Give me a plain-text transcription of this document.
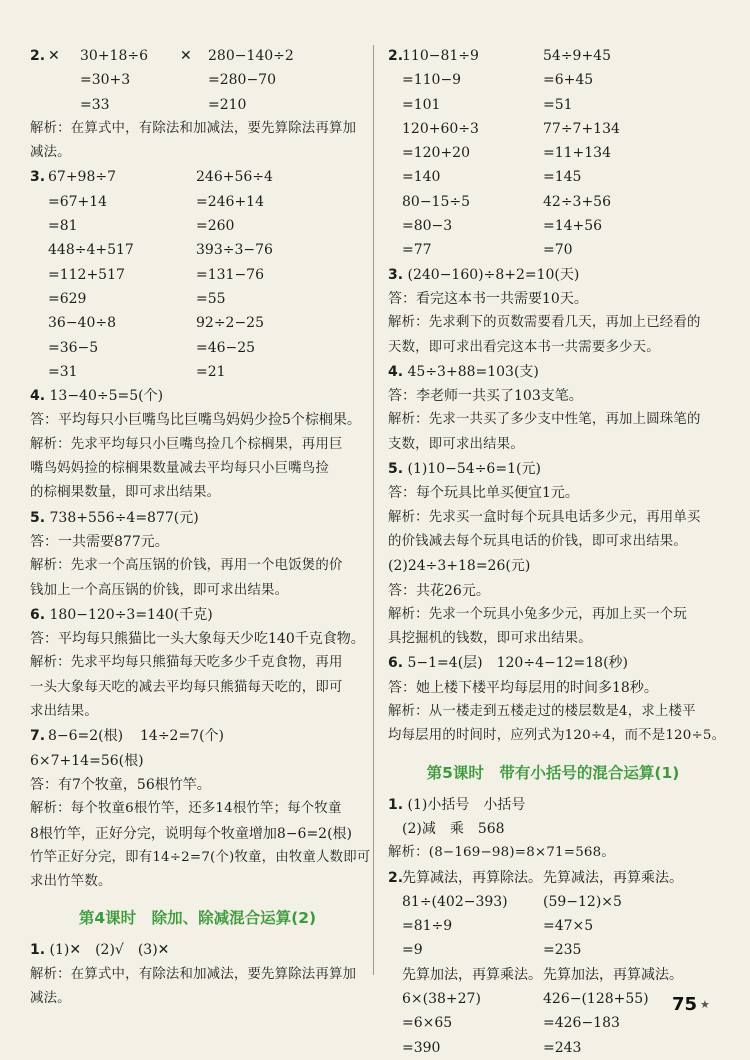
2. ✕ 30+18÷6 ✕ 280−140÷2
=30+3	=280−70
=33	=210
解析：在算式中，有除法和加减法，要先算除法再算加
减法。
3. 67+98÷7	246+56÷4
=67+14	=246+14
=81	=260
448÷4+517	393÷3−76
=112+517	=131−76
=629	=55
36−40÷8	92÷2−25
=36−5	=46−25
=31	=21
4. 13−40÷5=5(个)
答：平均每只小巨嘴鸟比巨嘴鸟妈妈少捡5个棕榈果。
解析：先求平均每只小巨嘴鸟捡几个棕榈果，再用巨
嘴鸟妈妈捡的棕榈果数量减去平均每只小巨嘴鸟捡
的棕榈果数量，即可求出结果。
5. 738+556÷4=877(元)
答：一共需要877元。
解析：先求一个高压锅的价钱，再用一个电饭煲的价
钱加上一个高压锅的价钱，即可求出结果。
6. 180−120÷3=140(千克)
答：平均每只熊猫比一头大象每天少吃140千克食物。
解析：先求平均每只熊猫每天吃多少千克食物，再用
一头大象每天吃的减去平均每只熊猫每天吃的，即可
求出结果。
7. 8−6=2(根) 14÷2=7(个)
6×7+14=56(根)
答：有7个牧童，56根竹竿。
解析：每个牧童6根竹竿，还多14根竹竿；每个牧童
8根竹竿，正好分完，说明每个牧童增加8−6=2(根)
竹竿正好分完，即有14÷2=7(个)牧童，由牧童人数即可
求出竹竿数。
第4课时　除加、除减混合运算(2)
1. (1)✕　(2)√　(3)✕
解析：在算式中，有除法和加减法，要先算除法再算加
减法。
2.
110−81÷9	54÷9+45
=110−9	=6+45
=101	=51
120+60÷3	77÷7+134
=120+20	=11+134
=140	=145
80−15÷5	42÷3+56
=80−3	=14+56
=77	=70
3. (240−160)÷8+2=10(天)
答：看完这本书一共需要10天。
解析：先求剩下的页数需要看几天，再加上已经看的
天数，即可求出看完这本书一共需要多少天。
4. 45÷3+88=103(支)
答：李老师一共买了103支笔。
解析：先求一共买了多少支中性笔，再加上圆珠笔的
支数，即可求出结果。
5. (1)10−54÷6=1(元)
答：每个玩具比单买便宜1元。
解析：先求买一盒时每个玩具电话多少元，再用单买
的价钱减去每个玩具电话的价钱，即可求出结果。
(2)24÷3+18=26(元)
答：共花26元。
解析：先求一个玩具小兔多少元，再加上买一个玩
具挖掘机的钱数，即可求出结果。
6. 5−1=4(层)　120÷4−12=18(秒)
答：她上楼下楼平均每层用的时间多18秒。
解析：从一楼走到五楼走过的楼层数是4，求上楼平
均每层用的时间时，应列式为120÷4，而不是120÷5。
第5课时　带有小括号的混合运算(1)
1. (1)小括号　小括号
(2)减　乘　568
解析：(8−169−98)=8×71=568。
2.
先算减法，再算除法。 先算减法，再算乘法。
81÷(402−393)	(59−12)×5
=81÷9	=47×5
=9	=235
先算加法，再算乘法。 先算加法，再算减法。
6×(38+27)	426−(128+55)
=6×65	=426−183
=390	=243
75 ★
